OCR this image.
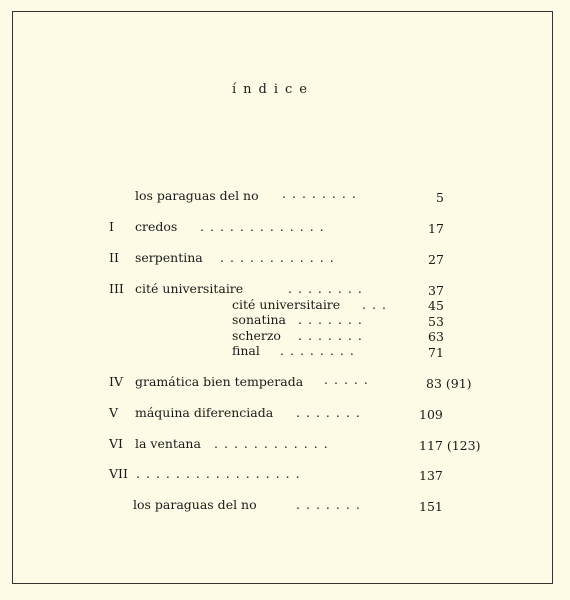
índice
los paraguas del no ........	5
I credos .............	17
II serpentina ............	27
III cité universitaire	........	37
cité universitaire ...	45
sonatina .......	53
scherzo .......	63
final ........	71
IV gramática bien temperada .....	83 (91)
V máquina diferenciada .......	109
VI la ventana ............	117 (123)
VII .................	137
los paraguas del no	.......	151
